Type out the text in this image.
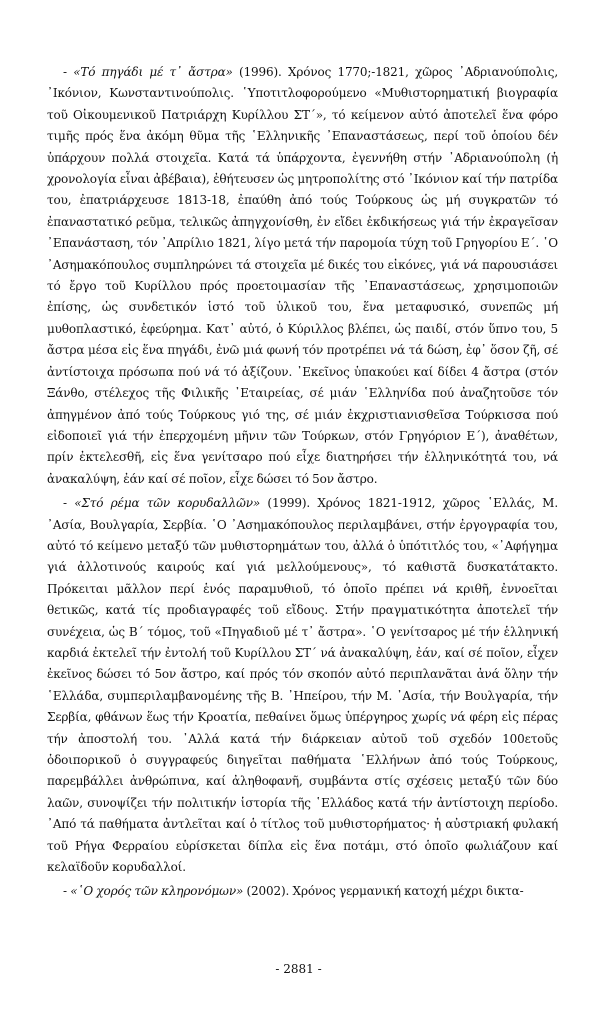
- «Τό πηγάδι μέ τ᾽ ἄστρα» (1996). Χρόνος 1770;-1821, χῶρος ᾽Αδριανούπολις, ᾽Ικόνιον, Κωνσταντινούπολις. ῾Υποτιτλοφορούμενο «Μυθιστορηματική βιογραφία τοῦ Οἰκουμενικοῦ Πατριάρχη Κυρίλλου ΣΤ΄», τό κείμενον αὐτό ἀποτελεῖ ἕνα φόρο τιμῆς πρός ἕνα ἀκόμη θῦμα τῆς ῾Ελληνικῆς ᾽Επαναστάσεως, περί τοῦ ὁποίου δέν ὑπάρχουν πολλά στοιχεῖα. Κατά τά ὑπάρχοντα, ἐγεννήθη στήν ᾽Αδριανούπολη (ἡ χρονολογία εἶναι ἀβέβαια), ἐθήτευσεν ὡς μητροπολίτης στό ᾽Ικόνιον καί τήν πατρίδα του, ἐπατριάρχευσε 1813-18, ἐπαύθη ἀπό τούς Τούρκους ὡς μή συγκρατῶν τό ἐπαναστατικό ρεῦμα, τελικῶς ἀπηγχονίσθη, ἐν εἴδει ἐκδικήσεως γιά τήν ἐκραγεῖσαν ᾽Επανάσταση, τόν ᾽Απρίλιο 1821, λίγο μετά τήν παρομοία τύχη τοῦ Γρηγορίου Ε΄. ῾Ο ᾽Ασημακόπουλος συμπληρώνει τά στοιχεῖα μέ δικές του εἰκόνες, γιά νά παρουσιάσει τό ἔργο τοῦ Κυρίλλου πρός προετοιμασίαν τῆς ᾽Επαναστάσεως, χρησιμοποιῶν ἐπίσης, ὡς συνδετικόν ἱστό τοῦ ὑλικοῦ του, ἕνα μεταφυσικό, συνεπῶς μή μυθοπλαστικό, ἐφεύρημα. Κατ᾽ αὐτό, ὁ Κύριλλος βλέπει, ὡς παιδί, στόν ὕπνο του, 5 ἄστρα μέσα εἰς ἕνα πηγάδι, ἐνῶ μιά φωνή τόν προτρέπει νά τά δώση, ἐφ᾽ ὅσον ζῆ, σέ ἀντίστοιχα πρόσωπα πού νά τό ἀξίζουν. ᾽Εκεῖνος ὑπακούει καί δίδει 4 ἄστρα (στόν Ξάνθο, στέλεχος τῆς Φιλικῆς ᾽Εταιρείας, σέ μιάν ῾Ελληνίδα πού ἀναζητοῦσε τόν ἀπηγμένον ἀπό τούς Τούρκους γιό της, σέ μιάν ἐκχριστιανισθεῖσα Τούρκισσα πού εἰδοποιεῖ γιά τήν ἐπερχομένη μῆνιν τῶν Τούρκων, στόν Γρηγόριον Ε΄), ἀναθέτων, πρίν ἐκτελεσθῆ, εἰς ἕνα γενίτσαρο πού εἶχε διατηρήσει τήν ἑλληνικότητά του, νά ἀνακαλύψη, ἐάν καί σέ ποῖον, εἶχε δώσει τό 5ον ἄστρο.

- «Στό ρέμα τῶν κορυδαλλῶν» (1999). Χρόνος 1821-1912, χῶρος ῾Ελλάς, Μ. ᾽Ασία, Βουλγαρία, Σερβία. ῾Ο ᾽Ασημακόπουλος περιλαμβάνει, στήν ἐργογραφία του, αὐτό τό κείμενο μεταξύ τῶν μυθιστορημάτων του, ἀλλά ὁ ὑπότιτλός του, «᾽Αφήγημα γιά ἀλλοτινούς καιρούς καί γιά μελλούμενους», τό καθιστᾶ δυσκατάτακτο. Πρόκειται μᾶλλον περί ἑνός παραμυθιοῦ, τό ὁποῖο πρέπει νά κριθῆ, ἐννοεῖται θετικῶς, κατά τίς προδιαγραφές τοῦ εἴδους. Στήν πραγματικότητα ἀποτελεῖ τήν συνέχεια, ὡς Β΄ τόμος, τοῦ «Πηγαδιοῦ μέ τ᾽ ἄστρα». ῾Ο γενίτσαρος μέ τήν ἑλληνική καρδιά ἐκτελεῖ τήν ἐντολή τοῦ Κυρίλλου ΣΤ΄ νά ἀνακαλύψη, ἐάν, καί σέ ποῖον, εἶχεν ἐκεῖνος δώσει τό 5ον ἄστρο, καί πρός τόν σκοπόν αὐτό περιπλανᾶται ἀνά ὅλην τήν ῾Ελλάδα, συμπεριλαμβανομένης τῆς Β. ᾽Ηπείρου, τήν Μ. ᾽Ασία, τήν Βουλγαρία, τήν Σερβία, φθάνων ἕως τήν Κροατία, πεθαίνει ὅμως ὑπέργηρος χωρίς νά φέρη εἰς πέρας τήν ἀποστολή του. ᾽Αλλά κατά τήν διάρκειαν αὐτοῦ τοῦ σχεδόν 100ετοῦς ὁδοιπορικοῦ ὁ συγγραφεύς διηγεῖται παθήματα ῾Ελλήνων ἀπό τούς Τούρκους, παρεμβάλλει ἀνθρώπινα, καί ἀληθοφανῆ, συμβάντα στίς σχέσεις μεταξύ τῶν δύο λαῶν, συνοψίζει τήν πολιτικήν ἱστορία τῆς ῾Ελλάδος κατά τήν ἀντίστοιχη περίοδο. ᾽Από τά παθήματα ἀντλεῖται καί ὁ τίτλος τοῦ μυθιστορήματος· ἡ αὐστριακή φυλακή τοῦ Ρήγα Φερραίου εὑρίσκεται δίπλα εἰς ἕνα ποτάμι, στό ὁποῖο φωλιάζουν καί κελαϊδοῦν κορυδαλλοί.

- «῾Ο χορός τῶν κληρονόμων» (2002). Χρόνος γερμανική κατοχή μέχρι δικτα-

- 2881 -
